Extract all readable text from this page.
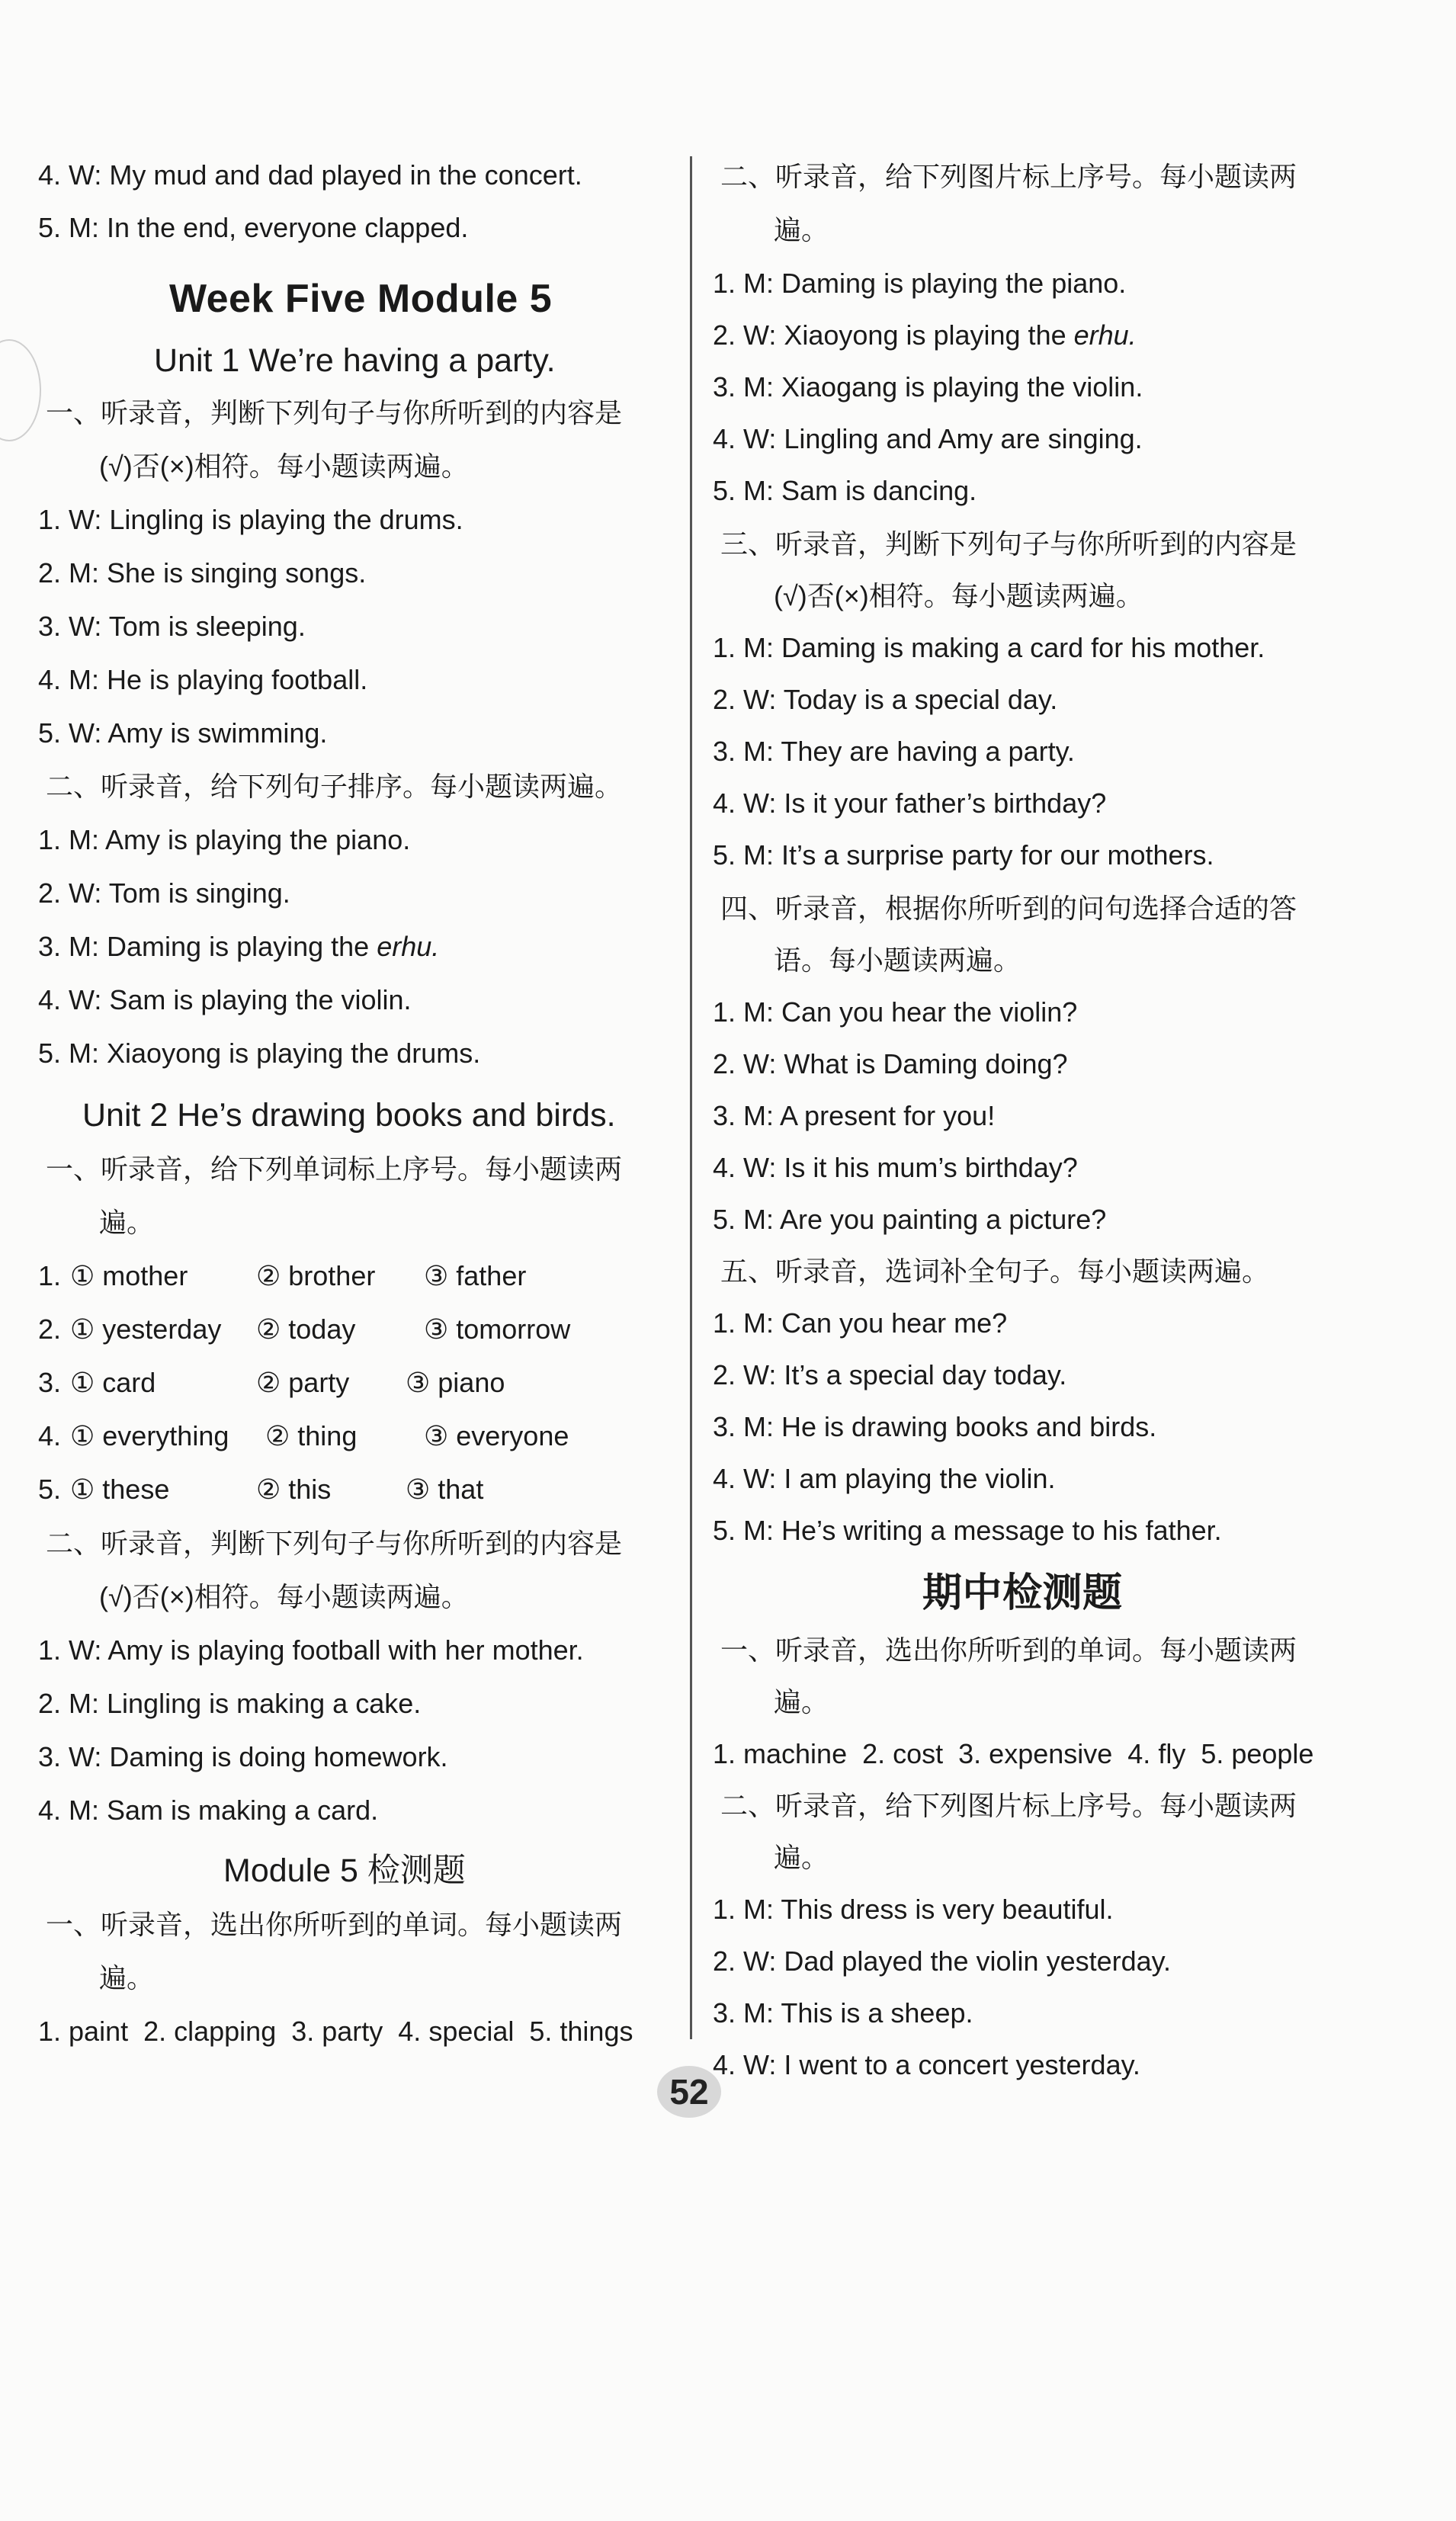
4. W: My mud and dad played in the concert.
5. M: In the end, everyone clapped.
Week Five Module 5
Unit 1 We’re having a party.
一、听录音，判断下列句子与你所听到的内容是
(√)否(×)相符。每小题读两遍。
1. W: Lingling is playing the drums.
2. M: She is singing songs.
3. W: Tom is sleeping.
4. M: He is playing football.
5. W: Amy is swimming.
二、听录音，给下列句子排序。每小题读两遍。
1. M: Amy is playing the piano.
2. W: Tom is singing.
3. M: Daming is playing the erhu.
4. W: Sam is playing the violin.
5. M: Xiaoyong is playing the drums.
Unit 2 He’s drawing books and birds.
一、听录音，给下列单词标上序号。每小题读两
遍。
1. ① mother ② brother ③ father
2. ① yesterday ② today ③ tomorrow
3. ① card	② party ③ piano
4. ① everything ② thing ③ everyone
5. ① these	② this	③ that
二、听录音，判断下列句子与你所听到的内容是
(√)否(×)相符。每小题读两遍。
1. W: Amy is playing football with her mother.
2. M: Lingling is making a cake.
3. W: Daming is doing homework.
4. M: Sam is making a card.
Module 5 检测题
一、听录音，选出你所听到的单词。每小题读两
遍。
1. paint  2. clapping  3. party  4. special  5. things
二、听录音，给下列图片标上序号。每小题读两
遍。
1. M: Daming is playing the piano.
2. W: Xiaoyong is playing the erhu.
3. M: Xiaogang is playing the violin.
4. W: Lingling and Amy are singing.
5. M: Sam is dancing.
三、听录音，判断下列句子与你所听到的内容是
(√)否(×)相符。每小题读两遍。
1. M: Daming is making a card for his mother.
2. W: Today is a special day.
3. M: They are having a party.
4. W: Is it your father’s birthday?
5. M: It’s a surprise party for our mothers.
四、听录音，根据你所听到的问句选择合适的答
语。每小题读两遍。
1. M: Can you hear the violin?
2. W: What is Daming doing?
3. M: A present for you!
4. W: Is it his mum’s birthday?
5. M: Are you painting a picture?
五、听录音，选词补全句子。每小题读两遍。
1. M: Can you hear me?
2. W: It’s a special day today.
3. M: He is drawing books and birds.
4. W: I am playing the violin.
5. M: He’s writing a message to his father.
期中检测题
一、听录音，选出你所听到的单词。每小题读两
遍。
1. machine  2. cost  3. expensive  4. fly  5. people
二、听录音，给下列图片标上序号。每小题读两
遍。
1. M: This dress is very beautiful.
2. W: Dad played the violin yesterday.
3. M: This is a sheep.
4. W: I went to a concert yesterday.
52
